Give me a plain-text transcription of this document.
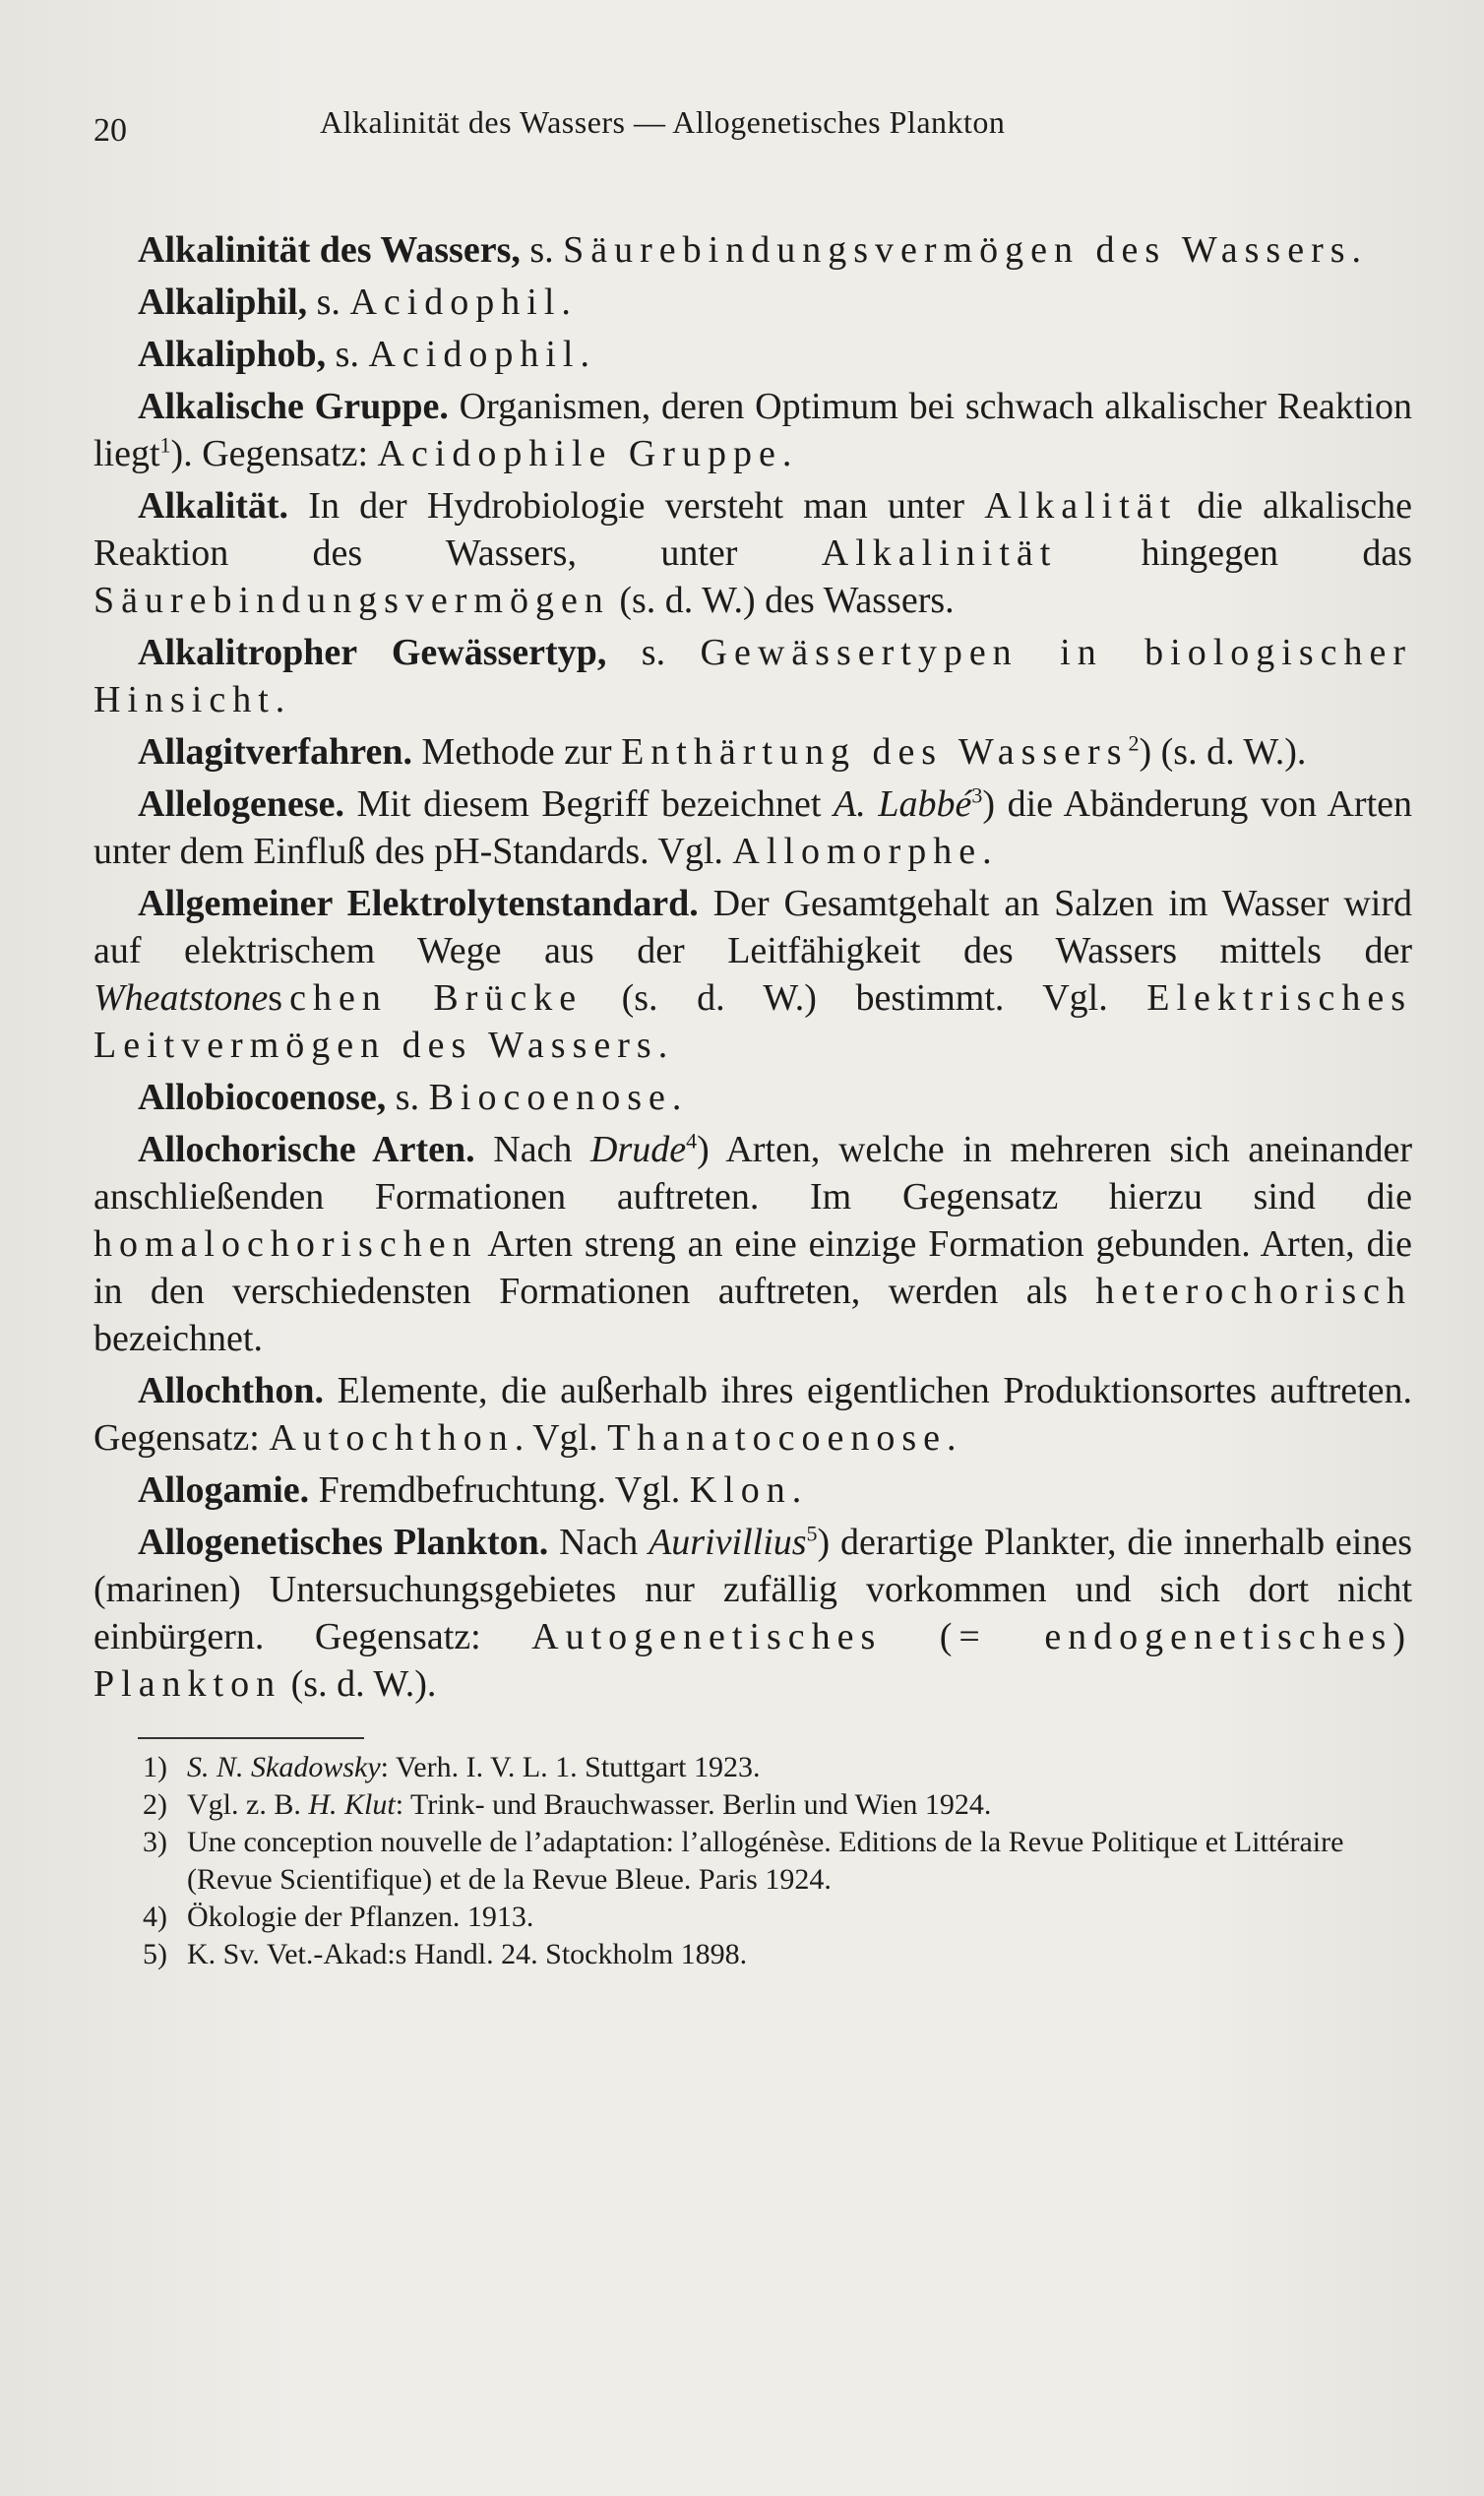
20	Alkalinität des Wassers — Allogenetisches Plankton

Alkalinität des Wassers, s. Säurebindungsvermögen des Wassers.

Alkaliphil, s. Acidophil.

Alkaliphob, s. Acidophil.

Alkalische Gruppe. Organismen, deren Optimum bei schwach alkalischer Reaktion liegt$^1$). Gegensatz: Acidophile Gruppe.

Alkalität. In der Hydrobiologie versteht man unter Alkalität die alkalische Reaktion des Wassers, unter Alkalinität hingegen das Säurebindungsvermögen (s. d. W.) des Wassers.

Alkalitropher Gewässertyp, s. Gewässertypen in biologischer Hinsicht.

Allagitverfahren. Methode zur Enthärtung des Wassers$^2$) (s. d. W.).

Allelogenese. Mit diesem Begriff bezeichnet A. Labbé$^3$) die Abänderung von Arten unter dem Einfluß des pH-Standards. Vgl. Allomorphe.

Allgemeiner Elektrolytenstandard. Der Gesamtgehalt an Salzen im Wasser wird auf elektrischem Wege aus der Leitfähigkeit des Wassers mittels der Wheatstoneschen Brücke (s. d. W.) bestimmt. Vgl. Elektrisches Leitvermögen des Wassers.

Allobiocoenose, s. Biocoenose.

Allochorische Arten. Nach Drude$^4$) Arten, welche in mehreren sich aneinander anschließenden Formationen auftreten. Im Gegensatz hierzu sind die homalochorischen Arten streng an eine einzige Formation gebunden. Arten, die in den verschiedensten Formationen auftreten, werden als heterochorisch bezeichnet.

Allochthon. Elemente, die außerhalb ihres eigentlichen Produktionsortes auftreten. Gegensatz: Autochthon. Vgl. Thanatocoenose.

Allogamie. Fremdbefruchtung. Vgl. Klon.

Allogenetisches Plankton. Nach Aurivillius$^5$) derartige Plankter, die innerhalb eines (marinen) Untersuchungsgebietes nur zufällig vorkommen und sich dort nicht einbürgern. Gegensatz: Autogenetisches (= endogenetisches) Plankton (s. d. W.).

1) S. N. Skadowsky: Verh. I. V. L. 1. Stuttgart 1923.

2) Vgl. z. B. H. Klut: Trink- und Brauchwasser. Berlin und Wien 1924.

3) Une conception nouvelle de l’adaptation: l’allogénèse. Editions de la Revue Politique et Littéraire (Revue Scientifique) et de la Revue Bleue. Paris 1924.

4) Ökologie der Pflanzen. 1913.

5) K. Sv. Vet.-Akad:s Handl. 24. Stockholm 1898.
